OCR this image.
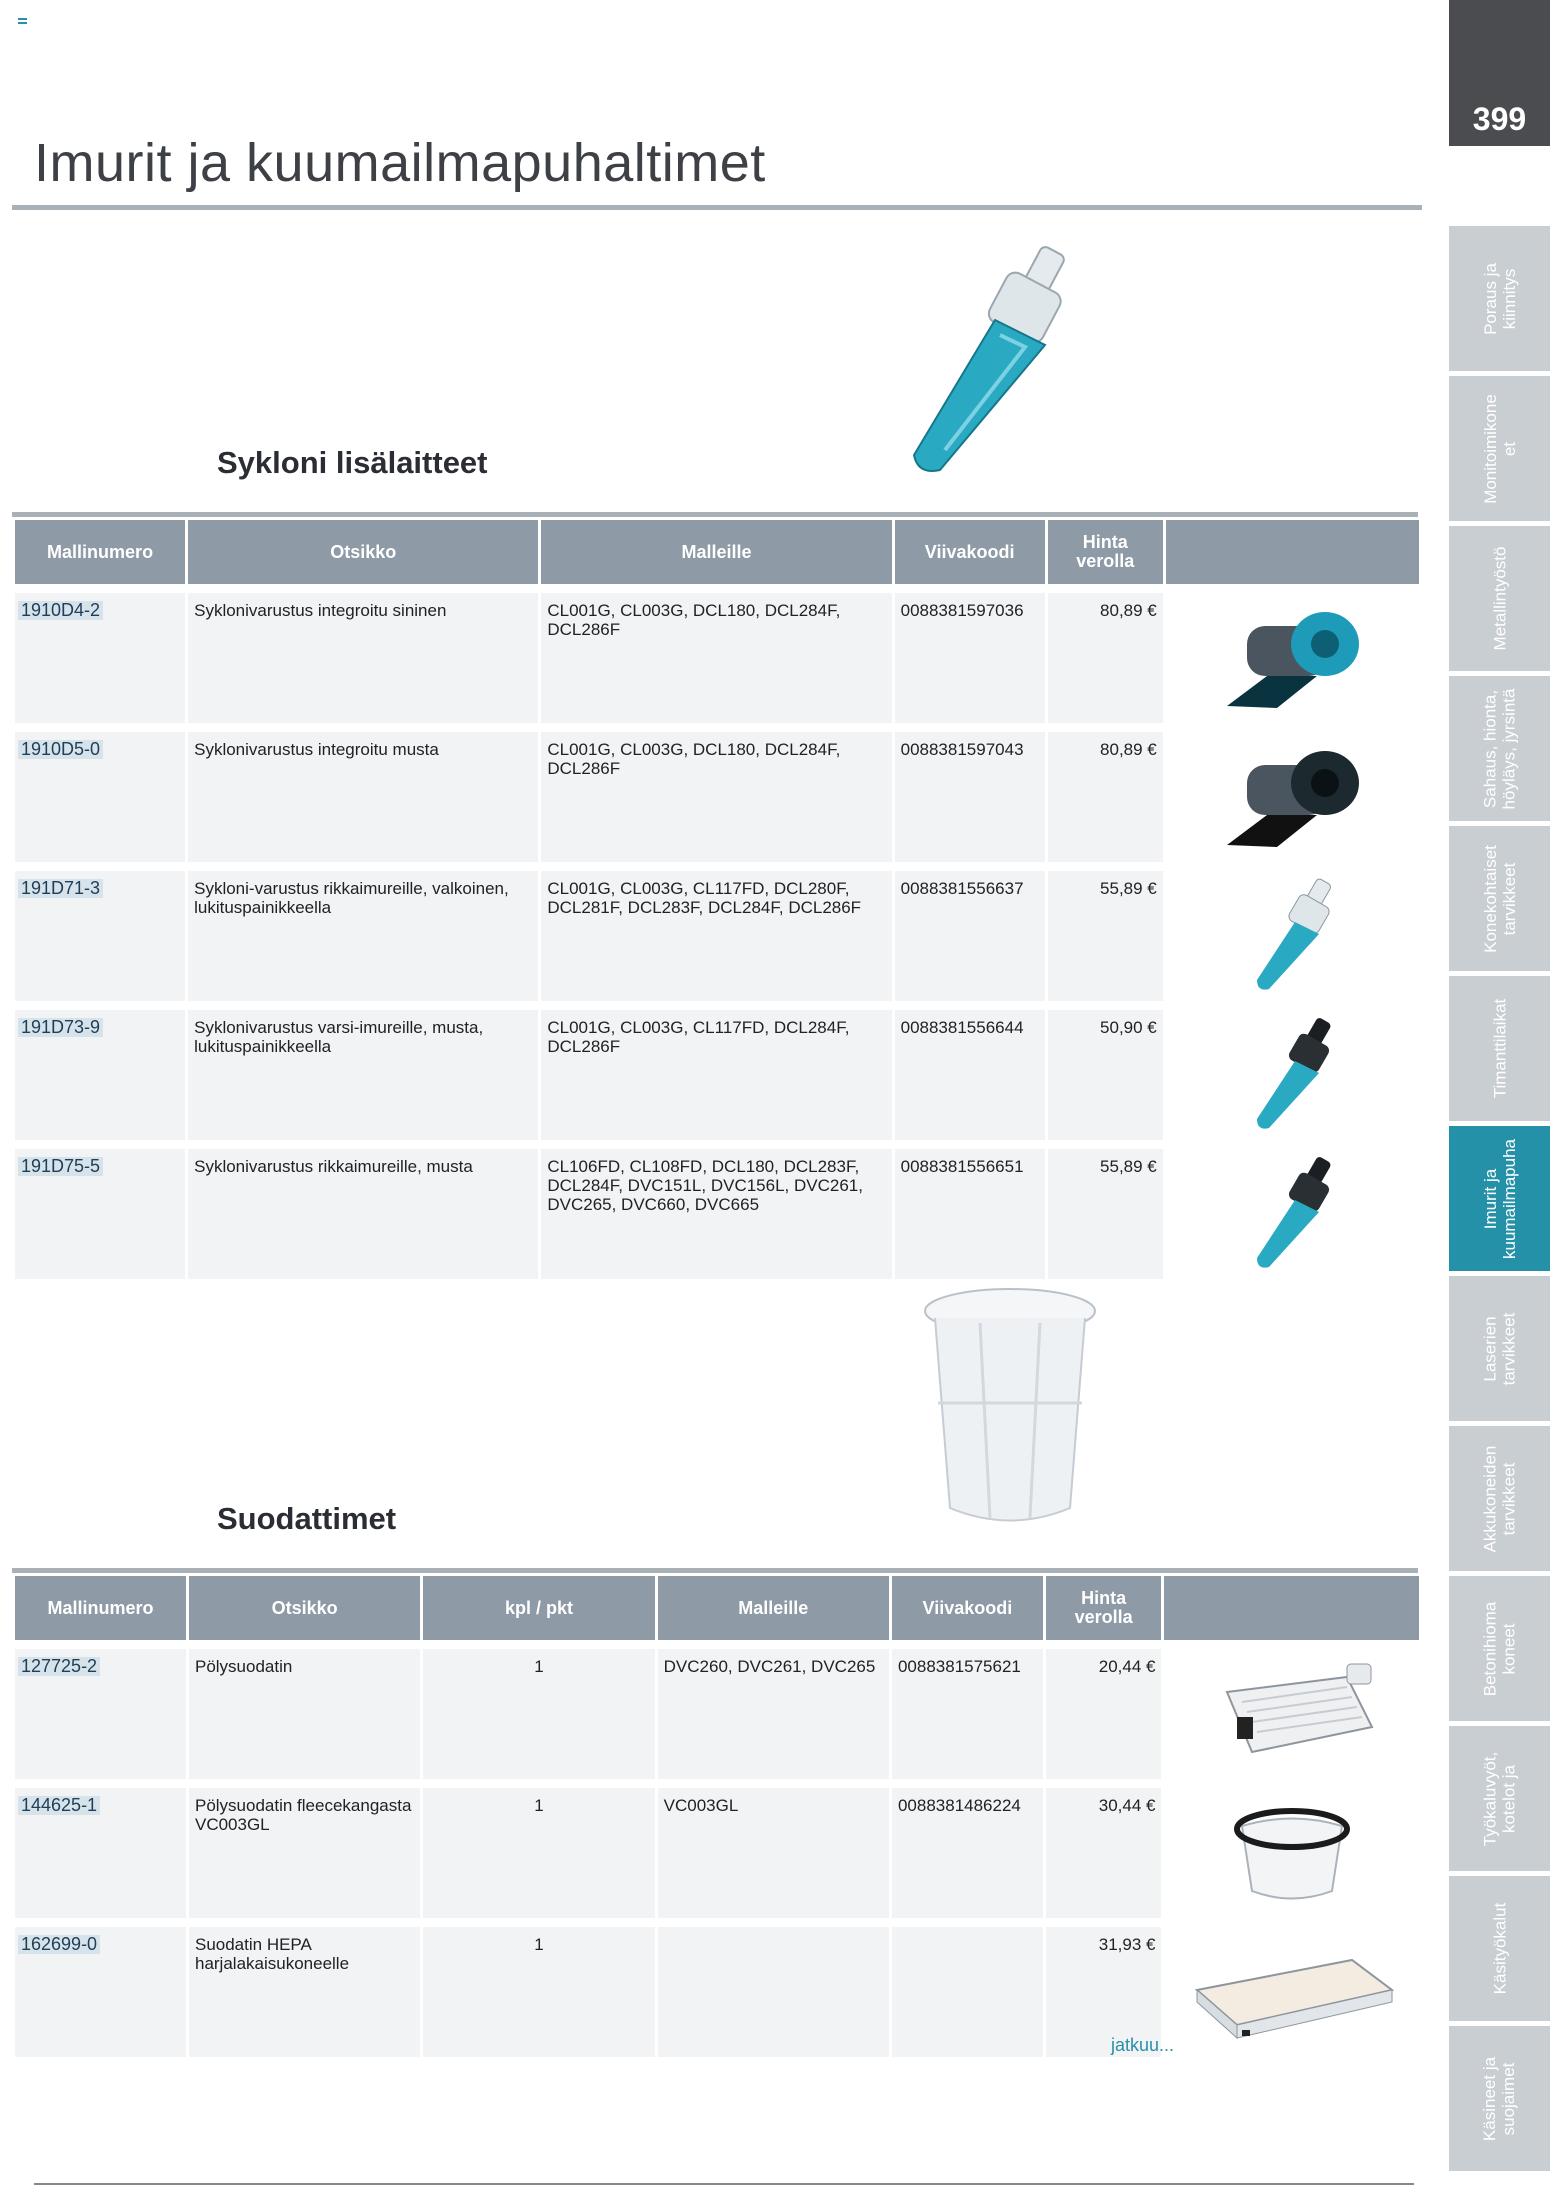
399
Imurit ja kuumailmapuhaltimet
Sykloni lisälaitteet
Mallinumero	Otsikko	Malleille	Viivakoodi	Hinta verolla	
1910D4-2	Syklonivarustus integroitu sininen	CL001G, CL003G, DCL180, DCL284F, DCL286F	0088381597036	80,89 €	
1910D5-0	Syklonivarustus integroitu musta	CL001G, CL003G, DCL180, DCL284F, DCL286F	0088381597043	80,89 €	
191D71-3	Sykloni-varustus rikkaimureille, valkoinen, lukituspainikkeella	CL001G, CL003G, CL117FD, DCL280F, DCL281F, DCL283F, DCL284F, DCL286F	0088381556637	55,89 €	
191D73-9	Syklonivarustus varsi-imureille, musta, lukituspainikkeella	CL001G, CL003G, CL117FD, DCL284F, DCL286F	0088381556644	50,90 €	
191D75-5	Syklonivarustus rikkaimureille, musta	CL106FD, CL108FD, DCL180, DCL283F, DCL284F, DVC151L, DVC156L, DVC261, DVC265, DVC660, DVC665	0088381556651	55,89 €	
Suodattimet
Mallinumero	Otsikko	kpl / pkt	Malleille	Viivakoodi	Hinta verolla	
127725-2	Pölysuodatin	1	DVC260, DVC261, DVC265	0088381575621	20,44 €	
144625-1	Pölysuodatin fleecekangasta VC003GL	1	VC003GL	0088381486224	30,44 €	
162699-0	Suodatin HEPA harjalakaisukoneelle	1			31,93 €	
jatkuu...
Poraus ja
kiinnitys
Monitoimikone
et
Metallintyöstö
Sahaus, hionta,
höyläys, jyrsintä
Konekohtaiset
tarvikkeet
Timanttilaikat
Imurit ja
kuumailmapuha
Laserien
tarvikkeet
Akkukoneiden
tarvikkeet
Betonihioma
koneet
Työkaluvyöt,
kotelot ja
Käsityökalut
Käsineet ja
suojaimet
